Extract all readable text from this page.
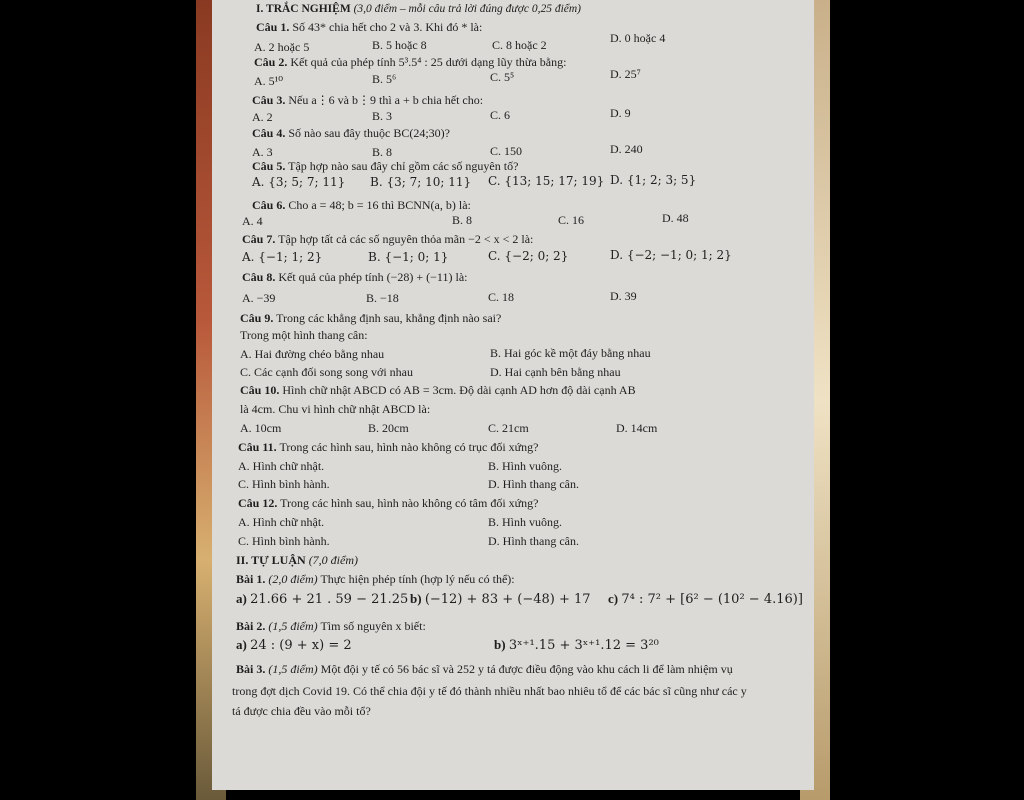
I. TRẮC NGHIỆM (3,0 điểm – mỗi câu trả lời đúng được 0,25 điểm)
Câu 1. Số 43* chia hết cho 2 và 3. Khi đó * là:
A. 2 hoặc 5	B. 5 hoặc 8	C. 8 hoặc 2	D. 0 hoặc 4
Câu 2. Kết quả của phép tính 5³.5⁴ : 25 dưới dạng lũy thừa bằng:
A. 5¹⁰	B. 5⁶	C. 5⁵	D. 25⁷
Câu 3. Nếu a⋮6 và b⋮9 thì a + b chia hết cho:
A. 2	B. 3	C. 6	D. 9
Câu 4. Số nào sau đây thuộc BC(24;30)?
A. 3	B. 8	C. 150	D. 240
Câu 5. Tập hợp nào sau đây chỉ gồm các số nguyên tố?
A. {3; 5; 7; 11} B. {3; 7; 10; 11} C. {13; 15; 17; 19} D. {1; 2; 3; 5}
Câu 6. Cho a = 48; b = 16 thì BCNN(a, b) là:
A. 4	B. 8	C. 16	D. 48
Câu 7. Tập hợp tất cả các số nguyên thỏa mãn −2 < x < 2 là:
A. {−1; 1; 2}	B. {−1; 0; 1}	C. {−2; 0; 2}	D. {−2; −1; 0; 1; 2}
Câu 8. Kết quả của phép tính (−28) + (−11) là:
A. −39	B. −18	C. 18	D. 39
Câu 9. Trong các khẳng định sau, khẳng định nào sai?
Trong một hình thang cân:
A. Hai đường chéo bằng nhau	B. Hai góc kề một đáy bằng nhau
C. Các cạnh đối song song với nhau	D. Hai cạnh bên bằng nhau
Câu 10. Hình chữ nhật ABCD có AB = 3cm. Độ dài cạnh AD hơn độ dài cạnh AB
là 4cm. Chu vi hình chữ nhật ABCD là:
A. 10cm	B. 20cm	C. 21cm	D. 14cm
Câu 11. Trong các hình sau, hình nào không có trục đối xứng?
A. Hình chữ nhật.	B. Hình vuông.
C. Hình bình hành.	D. Hình thang cân.
Câu 12. Trong các hình sau, hình nào không có tâm đối xứng?
A. Hình chữ nhật.	B. Hình vuông.
C. Hình bình hành.	D. Hình thang cân.
II. TỰ LUẬN (7,0 điểm)
Bài 1. (2,0 điểm) Thực hiện phép tính (hợp lý nếu có thể):
a) 21.66 + 21 . 59 − 21.25 b) (−12) + 83 + (−48) + 17 c) 7⁴ : 7² + [6² − (10² − 4.16)]
Bài 2. (1,5 điểm) Tìm số nguyên x biết:
a) 24 : (9 + x) = 2	b) 3ˣ⁺¹.15 + 3ˣ⁺¹.12 = 3²⁰
Bài 3. (1,5 điểm) Một đội y tế có 56 bác sĩ và 252 y tá được điều động vào khu cách li để làm nhiệm vụ
trong đợt dịch Covid 19. Có thể chia đội y tế đó thành nhiều nhất bao nhiêu tổ để các bác sĩ cũng như các y
tá được chia đều vào mỗi tổ?
